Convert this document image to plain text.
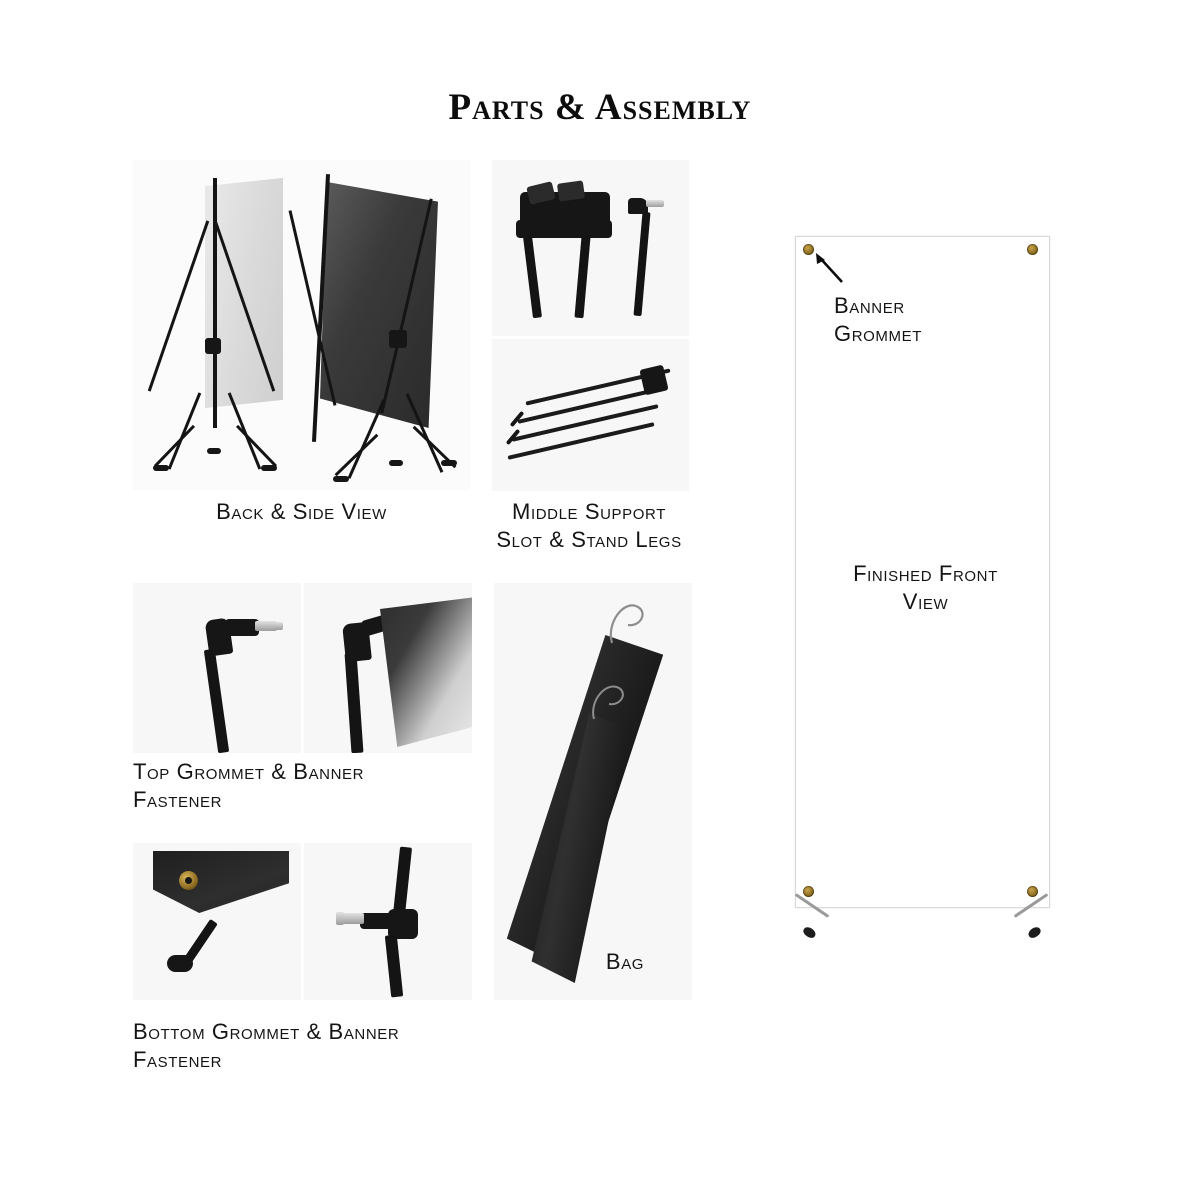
Parts & Assembly
Back & Side View	Middle Support
Slot & Stand Legs
Top Grommet & Banner
Fastener
Bottom Grommet & Banner
Fastener
Bag
Banner
Grommet
Finished Front
View
